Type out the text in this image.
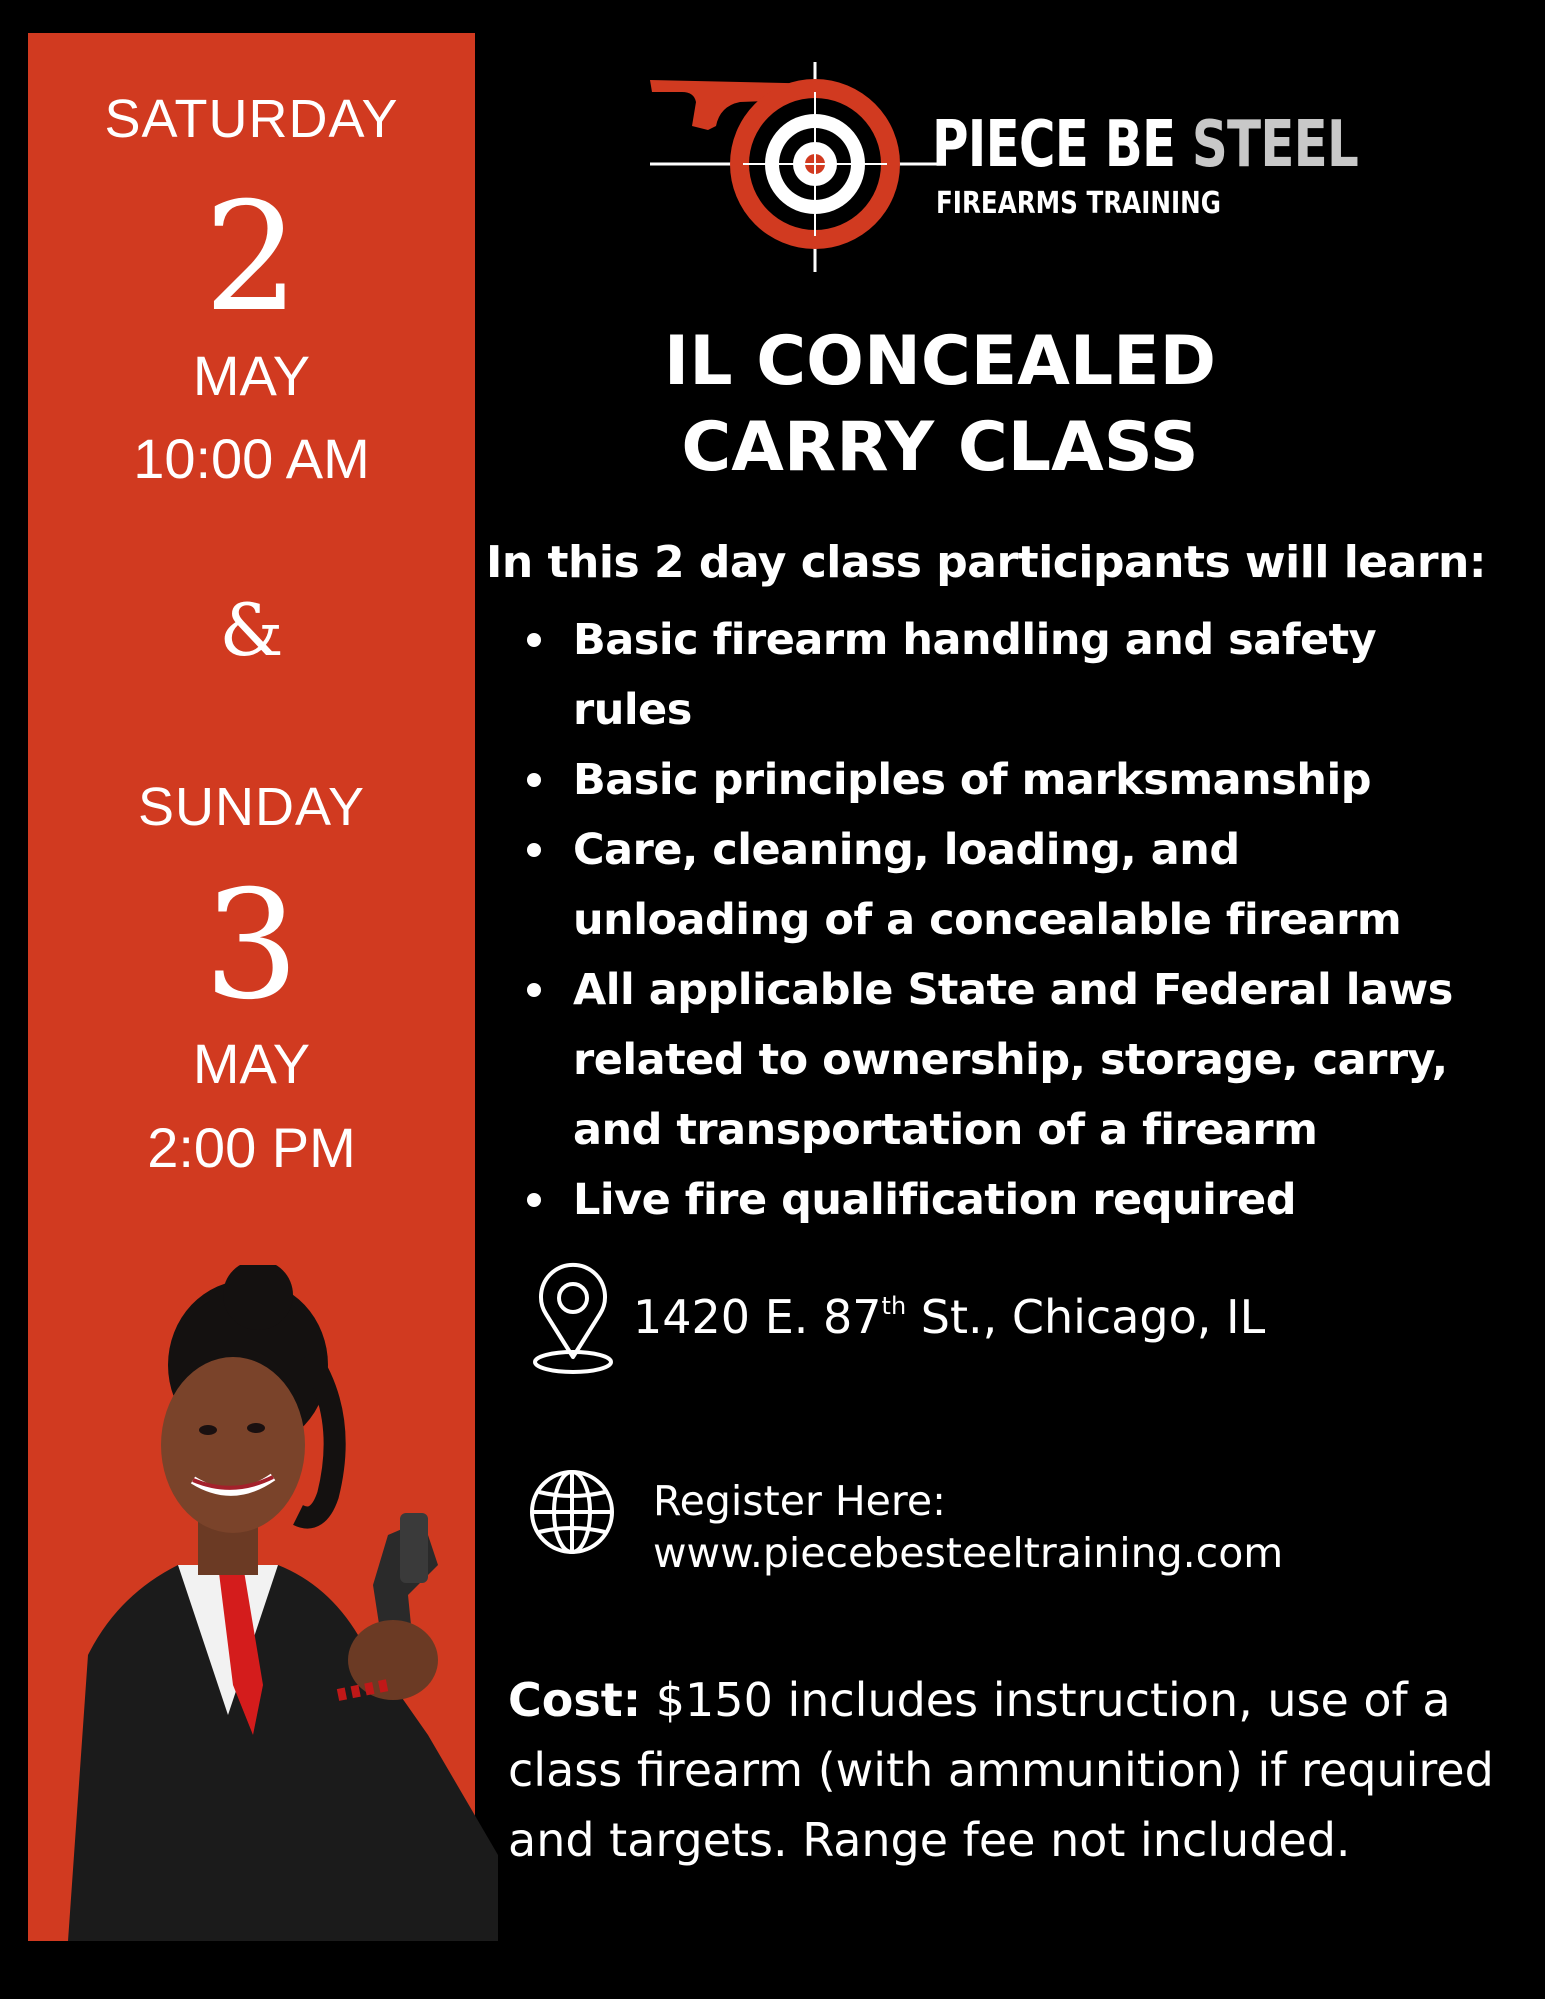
SATURDAY
2
MAY
10:00 AM
&
SUNDAY
3
MAY
2:00 PM
PIECE BE STEEL
FIREARMS TRAINING
IL CONCEALED
CARRY CLASS
In this 2 day class participants will learn:
Basic firearm handling and safety rules
Basic principles of marksmanship
Care, cleaning, loading, and unloading of a concealable firearm
All applicable State and Federal laws related to ownership, storage, carry, and transportation of a firearm
Live fire qualification required
1420 E. 87th St., Chicago, IL
Register Here:
www.piecebesteeltraining.com
Cost: $150 includes instruction, use of a class firearm (with ammunition) if required and targets. Range fee not included.
